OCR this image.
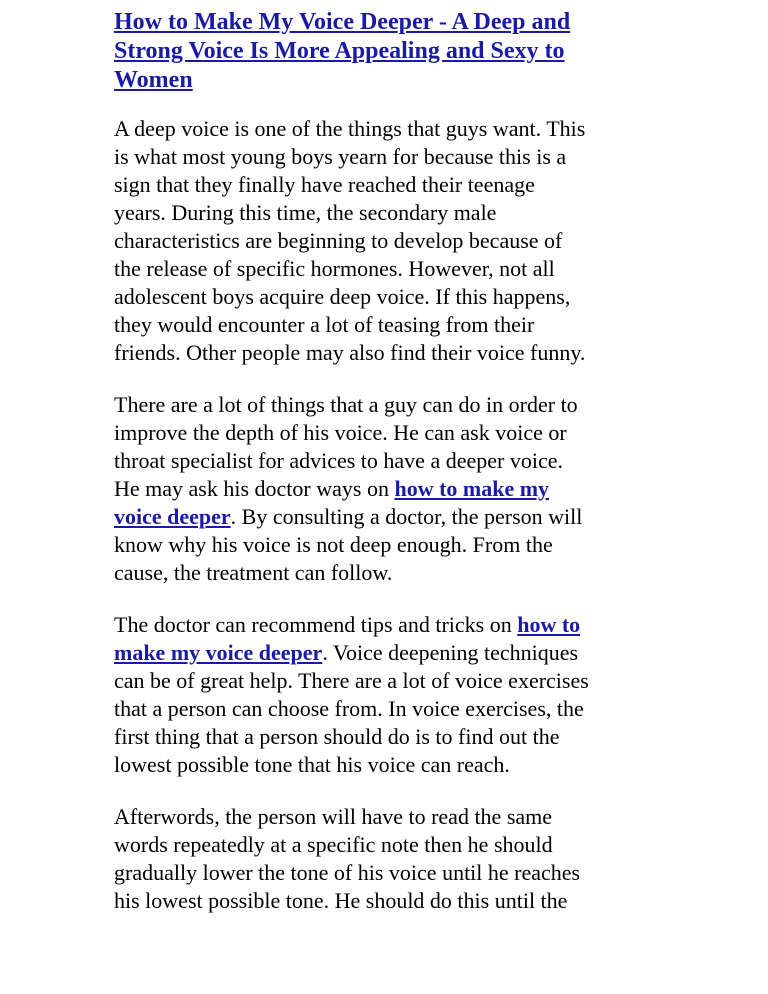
How to Make My Voice Deeper - A Deep and
Strong Voice Is More Appealing and Sexy to
Women
A deep voice is one of the things that guys want. This
is what most young boys yearn for because this is a
sign that they finally have reached their teenage
years. During this time, the secondary male
characteristics are beginning to develop because of
the release of specific hormones. However, not all
adolescent boys acquire deep voice. If this happens,
they would encounter a lot of teasing from their
friends. Other people may also find their voice funny.
There are a lot of things that a guy can do in order to
improve the depth of his voice. He can ask voice or
throat specialist for advices to have a deeper voice.
He may ask his doctor ways on how to make my
voice deeper. By consulting a doctor, the person will
know why his voice is not deep enough. From the
cause, the treatment can follow.
The doctor can recommend tips and tricks on how to
make my voice deeper. Voice deepening techniques
can be of great help. There are a lot of voice exercises
that a person can choose from. In voice exercises, the
first thing that a person should do is to find out the
lowest possible tone that his voice can reach.
Afterwords, the person will have to read the same
words repeatedly at a specific note then he should
gradually lower the tone of his voice until he reaches
his lowest possible tone. He should do this until the
